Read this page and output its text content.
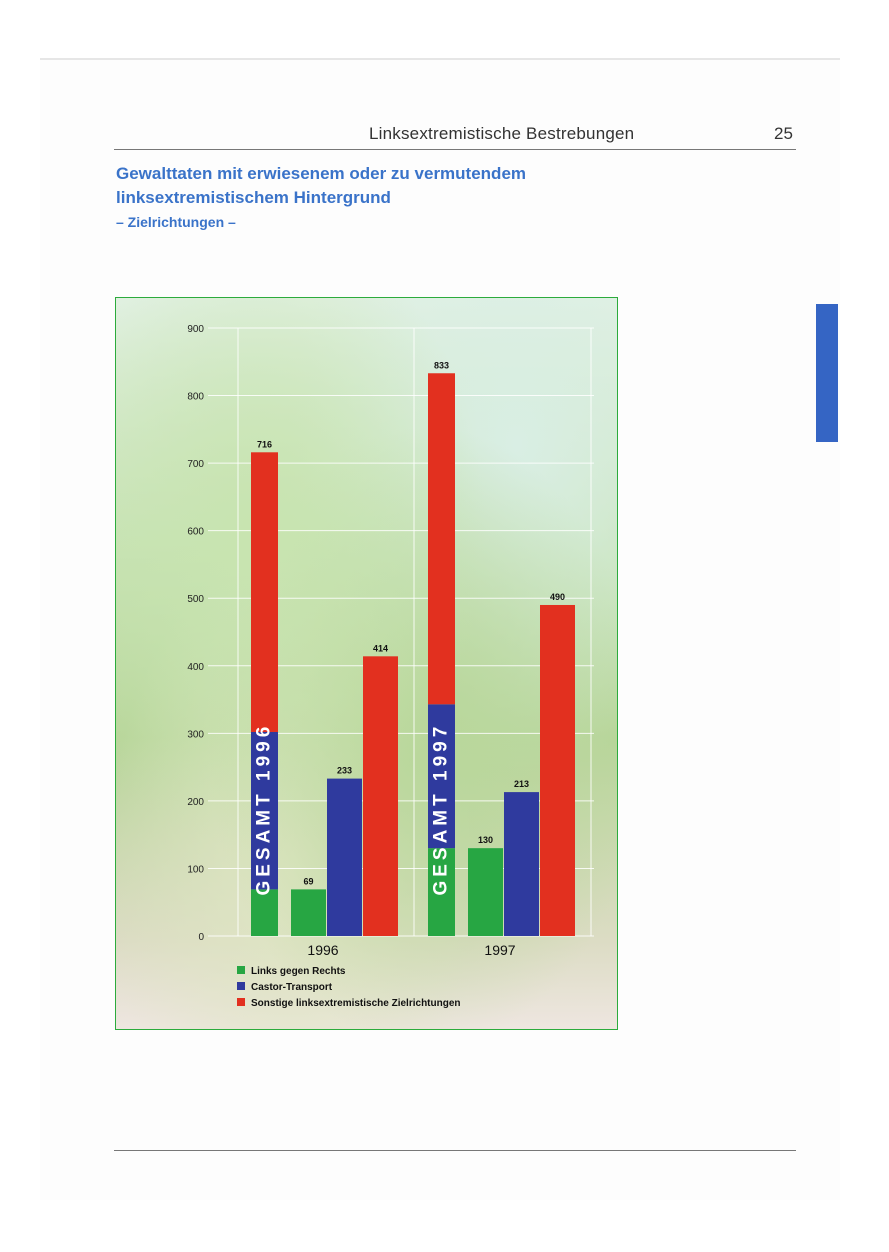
Linksextremistische Bestrebungen	25
Gewalttaten mit erwiesenem oder zu vermutendem
linksextremistischem Hintergrund
– Zielrichtungen –
0
100
200
300
400
500
600
700
800
900
716
GESAMT 1996	69
233
414
1996
833
GESAMT 1997	130
213
490
1997
Links gegen Rechts
Castor-Transport
Sonstige linksextremistische Zielrichtungen
